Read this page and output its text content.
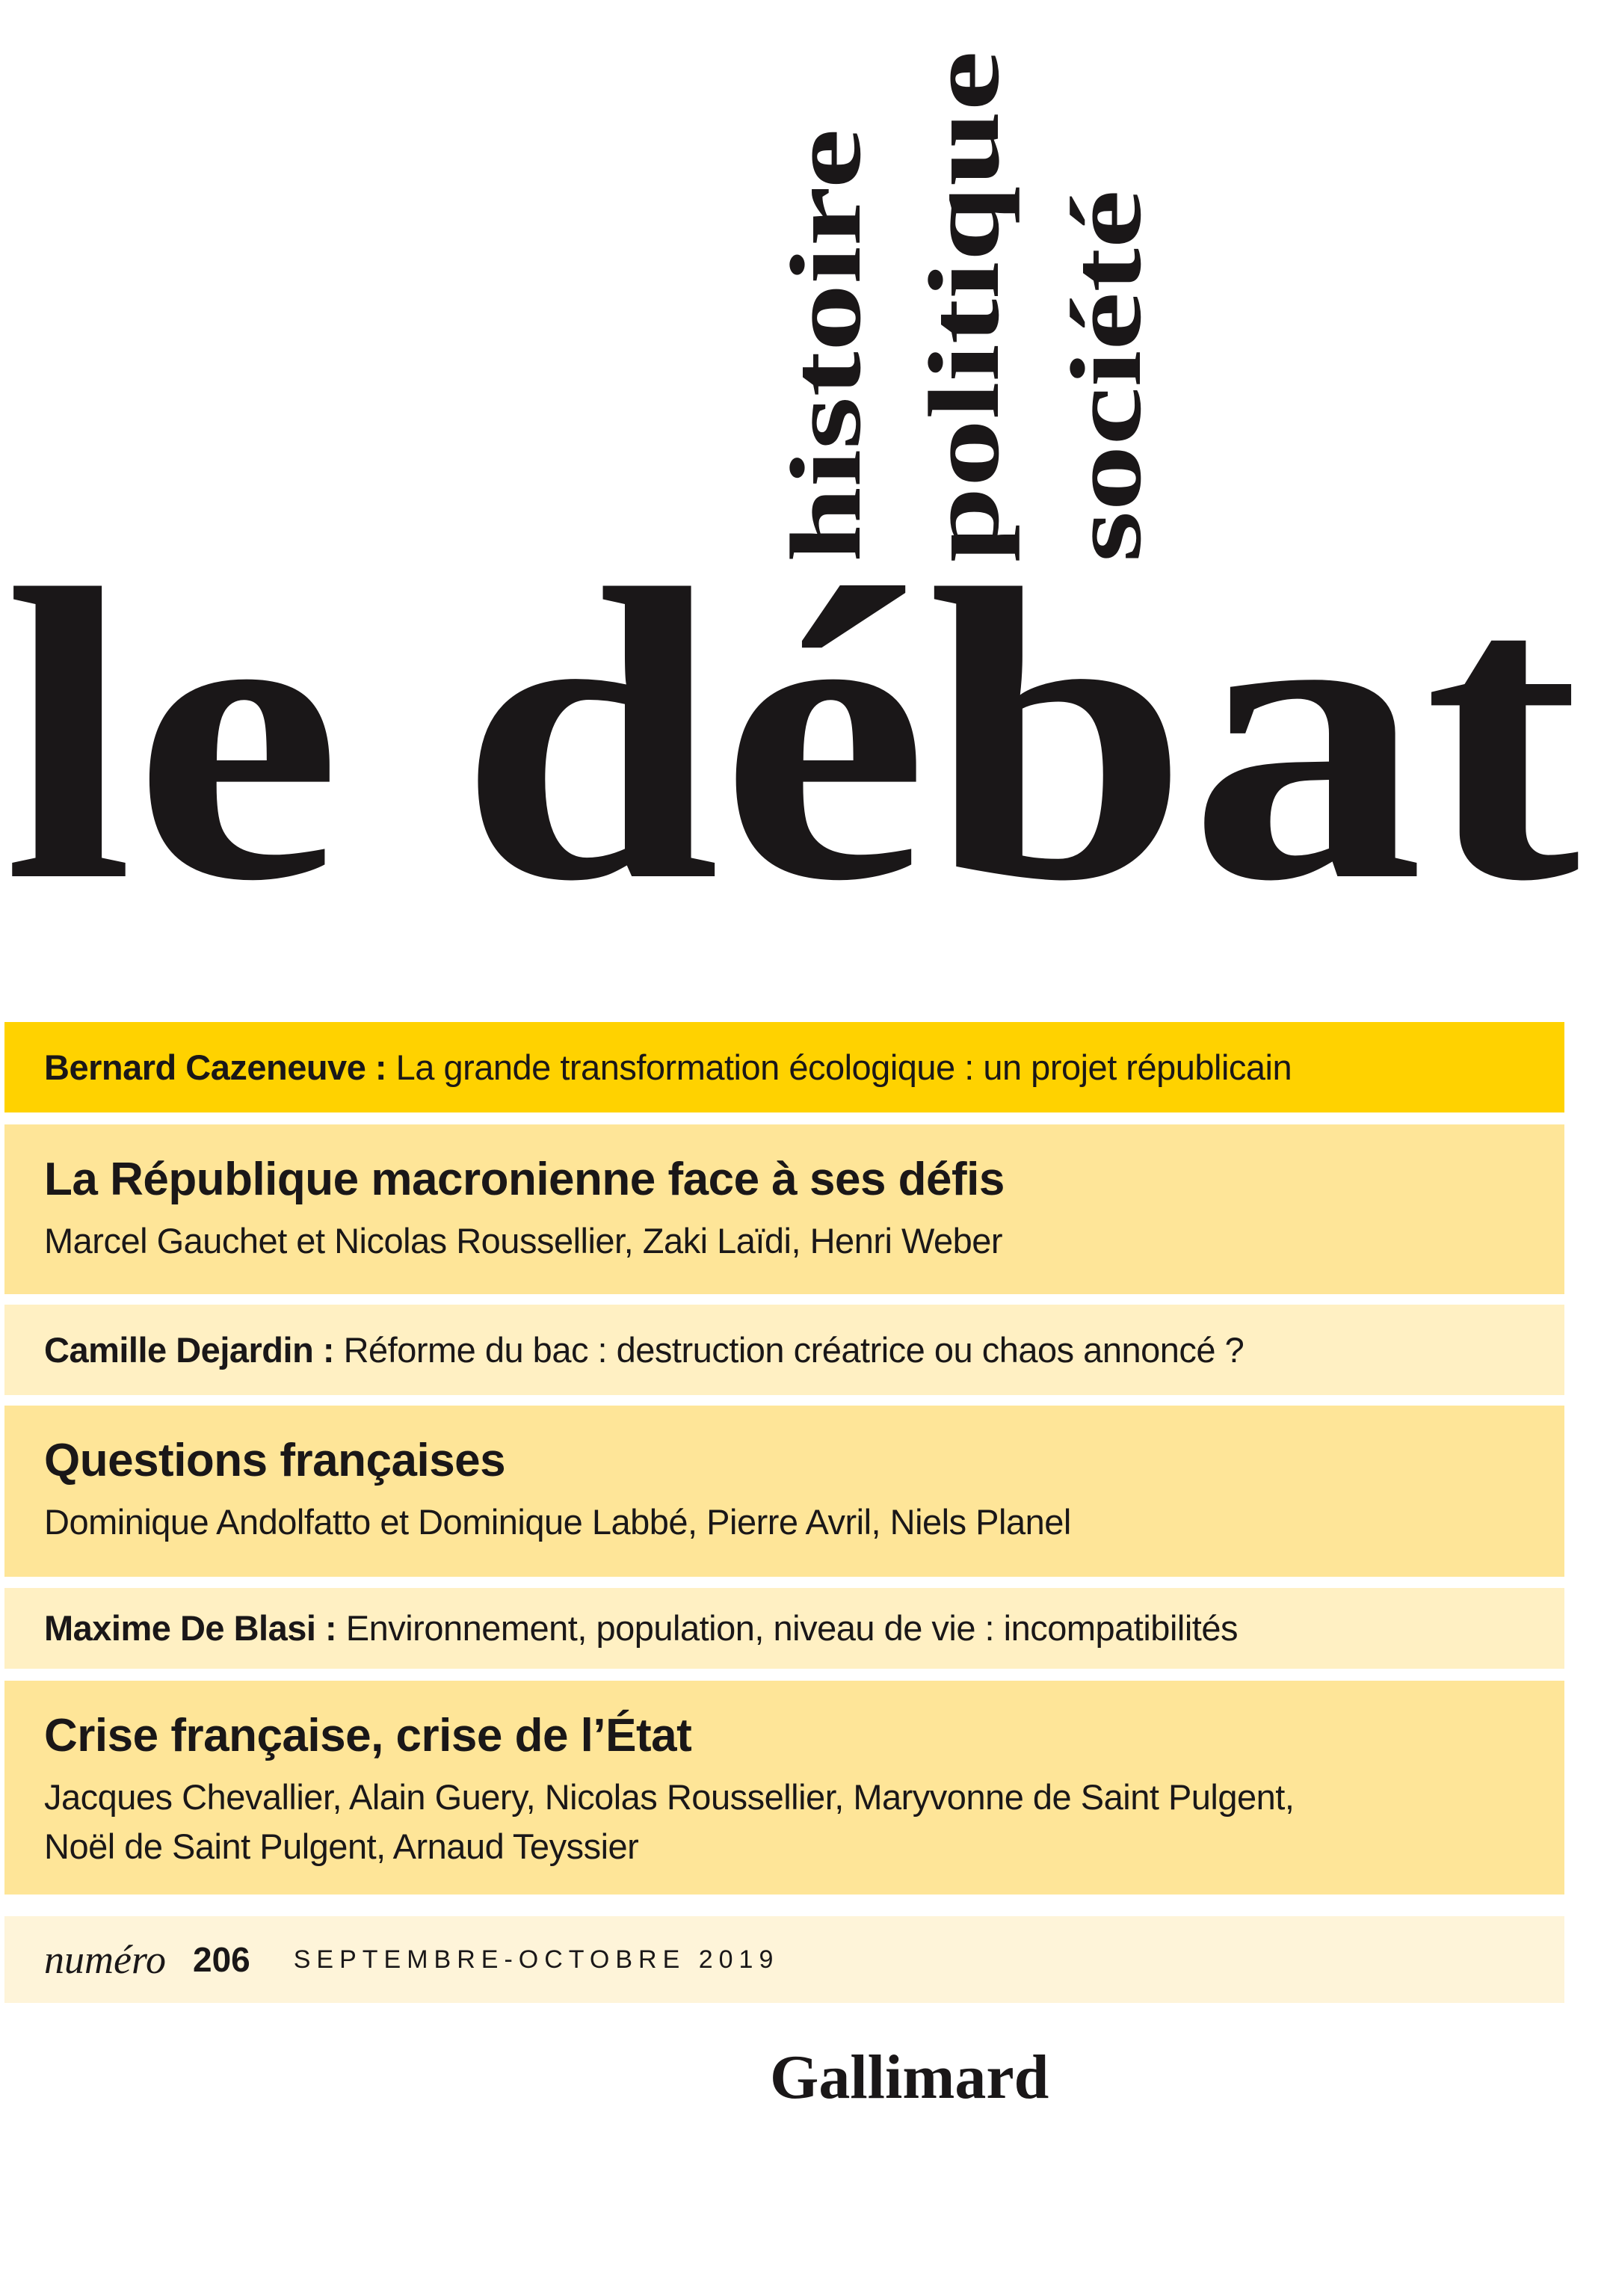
histoire politique société
le débat
Bernard Cazeneuve : La grande transformation écologique : un projet républicain
La République macronienne face à ses défis
Marcel Gauchet et Nicolas Roussellier, Zaki Laïdi, Henri Weber
Camille Dejardin : Réforme du bac : destruction créatrice ou chaos annoncé ?
Questions françaises
Dominique Andolfatto et Dominique Labbé, Pierre Avril, Niels Planel
Maxime De Blasi : Environnement, population, niveau de vie : incompatibilités
Crise française, crise de l’État
Jacques Chevallier, Alain Guery, Nicolas Roussellier, Maryvonne de Saint Pulgent,
Noël de Saint Pulgent, Arnaud Teyssier
numéro 206 SEPTEMBRE-OCTOBRE 2019
Gallimard
